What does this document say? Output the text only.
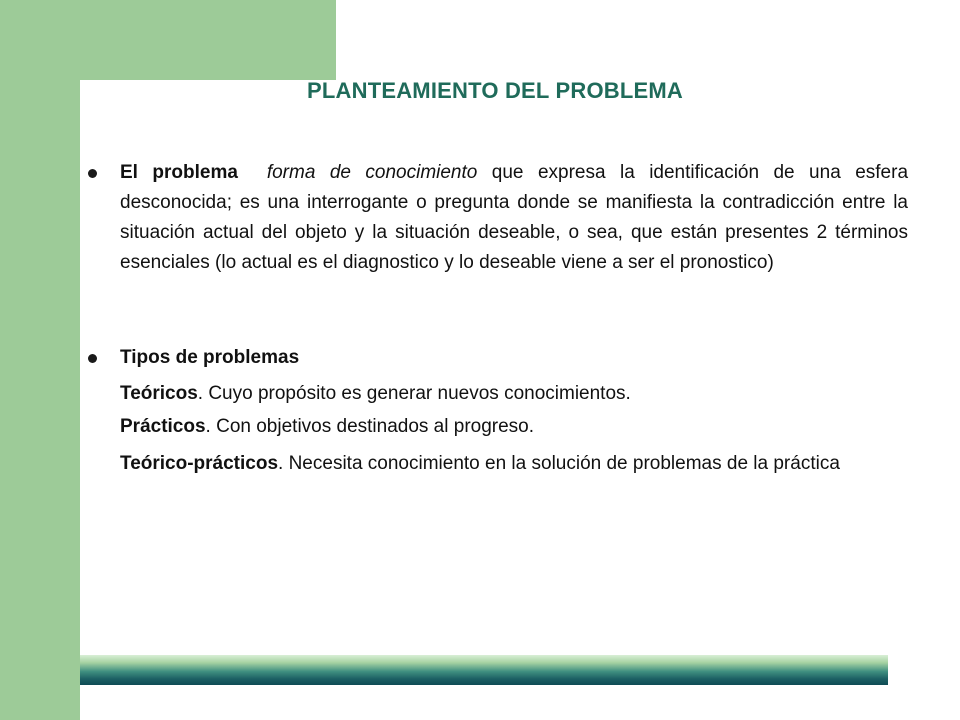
PLANTEAMIENTO DEL PROBLEMA
El problema forma de conocimiento que expresa la identificación de una esfera desconocida; es una interrogante o pregunta donde se manifiesta la contradicción entre la situación actual del objeto y la situación deseable, o sea, que están presentes 2 términos esenciales (lo actual es el diagnostico y lo deseable viene a ser el pronostico)
Tipos de problemas
Teóricos. Cuyo propósito es generar nuevos conocimientos.
Prácticos. Con objetivos destinados al progreso.
Teórico-prácticos. Necesita conocimiento en la solución de problemas de la práctica
